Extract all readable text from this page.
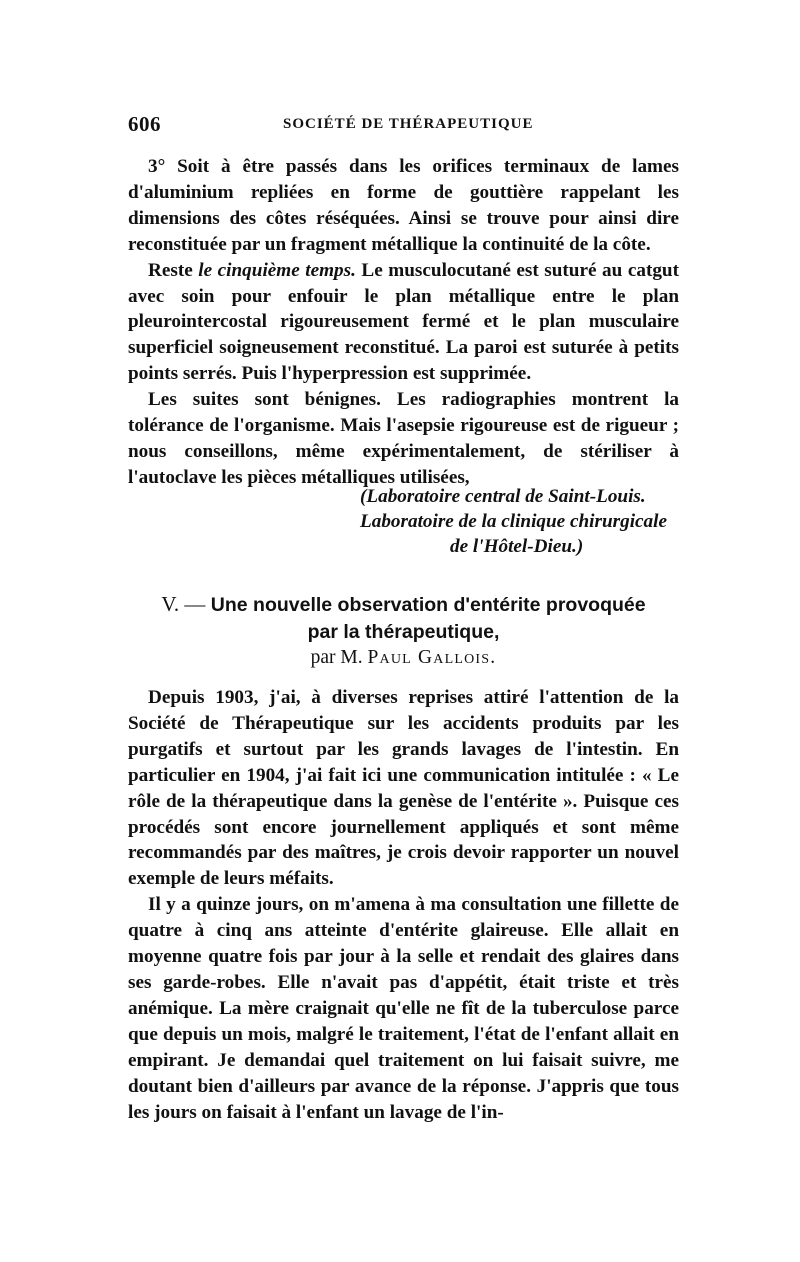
606	SOCIÉTÉ DE THÉRAPEUTIQUE

3° Soit à être passés dans les orifices terminaux de lames d'aluminium repliées en forme de gouttière rappelant les dimensions des côtes réséquées. Ainsi se trouve pour ainsi dire reconstituée par un fragment métallique la continuité de la côte.

Reste le cinquième temps. Le musculocutané est suturé au catgut avec soin pour enfouir le plan métallique entre le plan pleurointercostal rigoureusement fermé et le plan musculaire superficiel soigneusement reconstitué. La paroi est suturée à petits points serrés. Puis l'hyperpression est supprimée.

Les suites sont bénignes. Les radiographies montrent la tolérance de l'organisme. Mais l'asepsie rigoureuse est de rigueur ; nous conseillons, même expérimentalement, de stériliser à l'autoclave les pièces métalliques utilisées,

(Laboratoire central de Saint-Louis.
Laboratoire de la clinique chirurgicale
de l'Hôtel-Dieu.)
V. — Une nouvelle observation d'entérite provoquée
par la thérapeutique,
par M. Paul Gallois.

Depuis 1903, j'ai, à diverses reprises attiré l'attention de la Société de Thérapeutique sur les accidents produits par les purgatifs et surtout par les grands lavages de l'intestin. En particulier en 1904, j'ai fait ici une communication intitulée : « Le rôle de la thérapeutique dans la genèse de l'entérite ». Puisque ces procédés sont encore journellement appliqués et sont même recommandés par des maîtres, je crois devoir rapporter un nouvel exemple de leurs méfaits.

Il y a quinze jours, on m'amena à ma consultation une fillette de quatre à cinq ans atteinte d'entérite glaireuse. Elle allait en moyenne quatre fois par jour à la selle et rendait des glaires dans ses garde-robes. Elle n'avait pas d'appétit, était triste et très anémique. La mère craignait qu'elle ne fît de la tuberculose parce que depuis un mois, malgré le traitement, l'état de l'enfant allait en empirant. Je demandai quel traitement on lui faisait suivre, me doutant bien d'ailleurs par avance de la réponse. J'appris que tous les jours on faisait à l'enfant un lavage de l'in-
